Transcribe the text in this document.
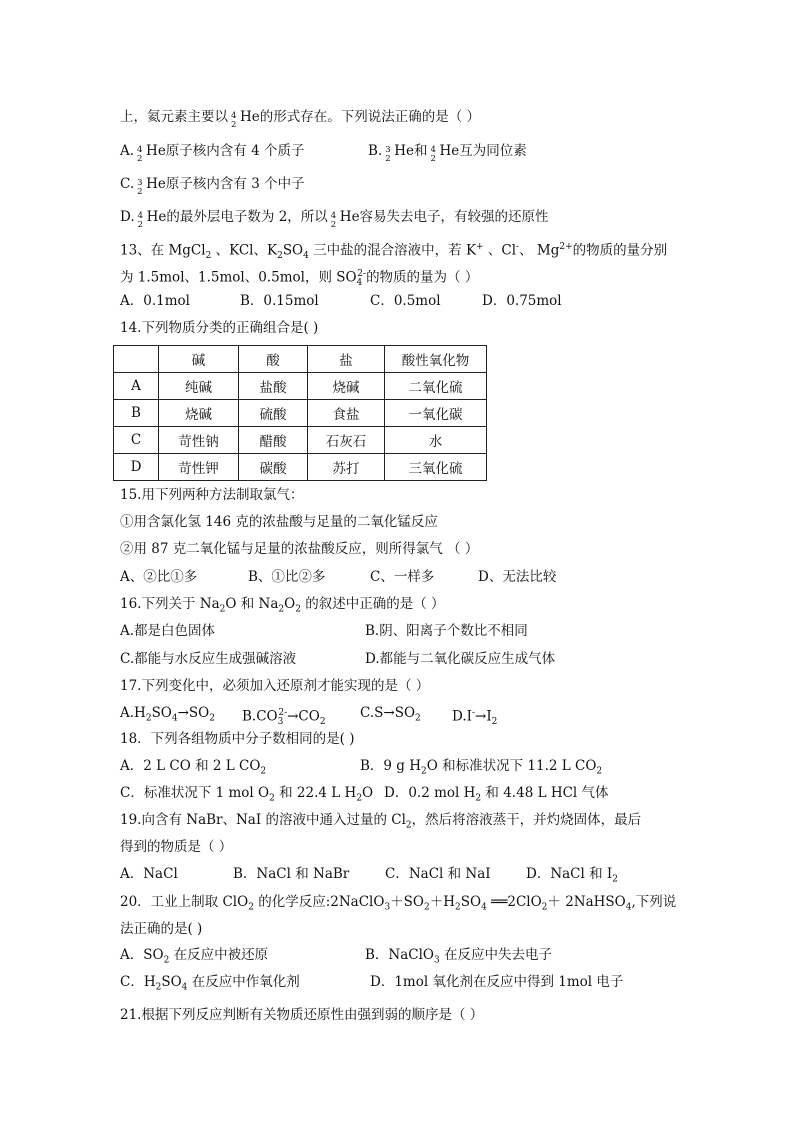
上，氦元素主要以 4
2 He的形式存在。下列说法正确的是（ ）
A. 4
2 He原子核内含有 4 个质子	B. 3
2 He和 4
2 He互为同位素
C. 3
2 He原子核内含有 3 个中子
D. 4
2 He的最外层电子数为 2，所以 4
2 He容易失去电子，有较强的还原性
13、在 MgCl$_2$ 、KCl、$K_2SO_4$ 三中盐的混合溶液中，若 K+ 、Cl-、 $Mg^{2+}$的物质的量分别
为 1.5mol、1.5mol、0.5mol，则 $SO_4^{2-}$的物质的量为（ ）
A．0.1mol	B．0.15mol	C．0.5mol	D．0.75mol
14.下列物质分类的正确组合是( )
	碱	酸	盐	酸性氧化物
A	纯碱	盐酸	烧碱	二氧化硫
B	烧碱	硫酸	食盐	一氧化碳
C	苛性钠	醋酸	石灰石	水
D	苛性钾	碳酸	苏打	三氧化硫
15.用下列两种方法制取氯气：
①用含氯化氢 146 克的浓盐酸与足量的二氧化锰反应
②用 87 克二氧化锰与足量的浓盐酸反应，则所得氯气 （ ）
A、②比①多	B、①比②多	C、一样多	D、无法比较
16.下列关于 $Na_2O$ 和 $Na_2O_2$ 的叙述中正确的是（ ）
A.都是白色固体	B.阴、阳离子个数比不相同
C.都能与水反应生成强碱溶液	D.都能与二氧化碳反应生成气体
17.下列变化中，必须加入还原剂才能实现的是（ ）
$A.H_2SO_4\to SO_2$ $B.CO_3^{2-}\to CO_2$
$C.S\to SO_2$ $D.I^-\to I_2$
18．下列各组物质中分子数相同的是( )
A．2 L CO 和 2 L $CO_2$	B．9 g $H_2O$ 和标准状况下 11.2 L $CO_2$
C．标准状况下 1 mol $O_2$ 和 22.4 L $H_2O$ D．0.2 mol $H_2$ 和 4.48 L HCl 气体
19.向含有 NaBr、NaI 的溶液中通入过量的 $Cl_2$，然后将溶液蒸干，并灼烧固体，最后
得到的物质是（ ）
A．NaCl	B．NaCl 和 NaBr	C．NaCl 和 NaI	D．NaCl 和 $I_2$
20．工业上制取 ClO$_2$ 的化学反应$:2NaClO_3+SO_2+H_2SO_4$ ══2ClO$_2$＋ 2NaHSO$_4$,下列说
法正确的是( )
A．$SO_2$ 在反应中被还原	B．NaClO$_3$ 在反应中失去电子
C．$H_2SO_4$ 在反应中作氧化剂	D．1mol 氧化剂在反应中得到 1mol 电子
21.根据下列反应判断有关物质还原性由强到弱的顺序是（ ）
